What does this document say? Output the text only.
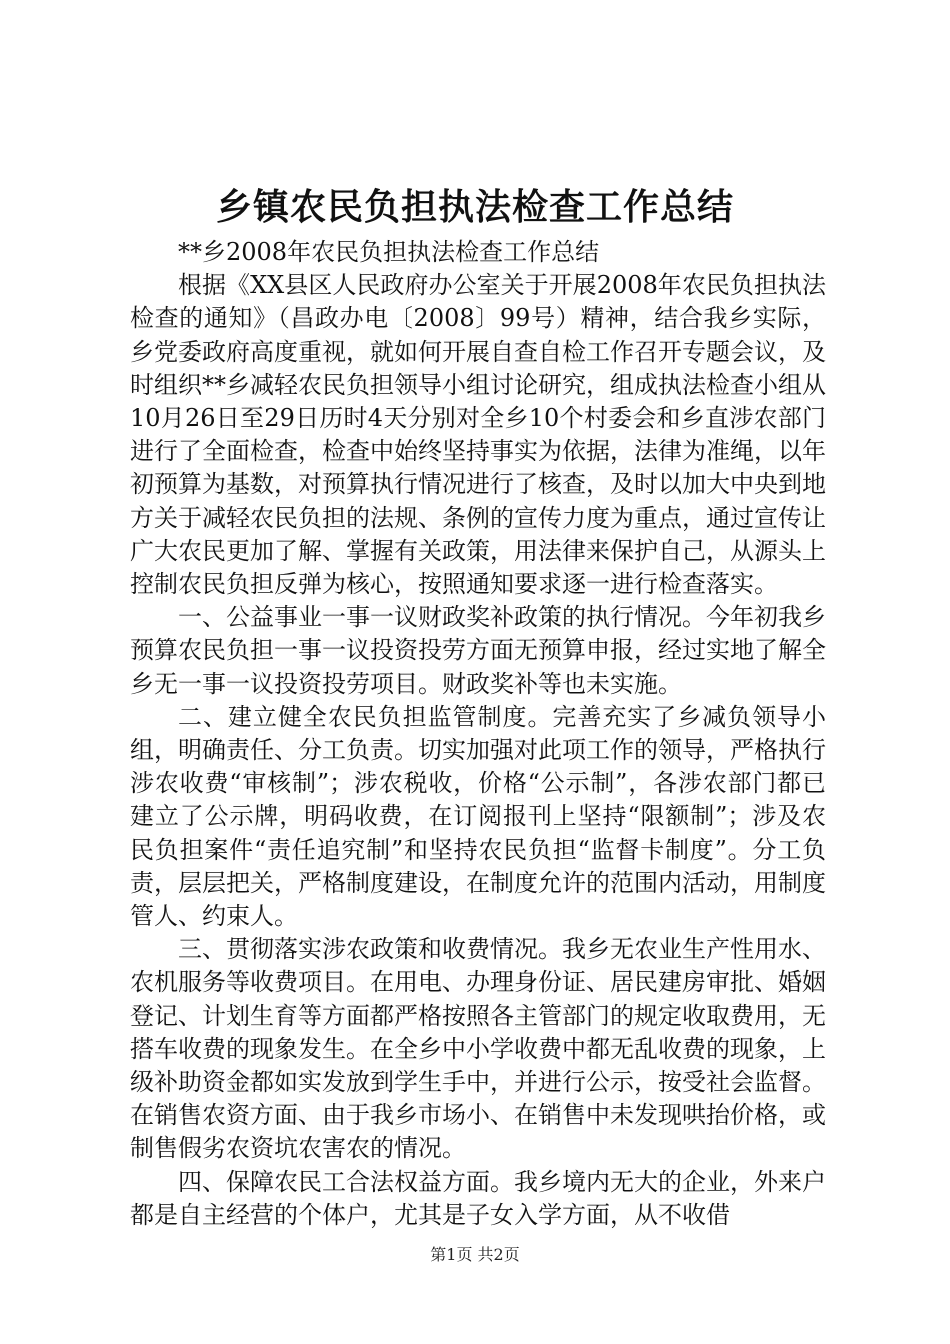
乡镇农民负担执法检查工作总结

**乡2008年农民负担执法检查工作总结

根据《XX县区人民政府办公室关于开展2008年农民负担执法检查的通知》（昌政办电〔2008〕99号）精神，结合我乡实际，乡党委政府高度重视，就如何开展自查自检工作召开专题会议，及时组织**乡减轻农民负担领导小组讨论研究，组成执法检查小组从10月26日至29日历时4天分别对全乡10个村委会和乡直涉农部门进行了全面检查，检查中始终坚持事实为依据，法律为准绳，以年初预算为基数，对预算执行情况进行了核查，及时以加大中央到地方关于减轻农民负担的法规、条例的宣传力度为重点，通过宣传让广大农民更加了解、掌握有关政策，用法律来保护自己，从源头上控制农民负担反弹为核心，按照通知要求逐一进行检查落实。

一、公益事业一事一议财政奖补政策的执行情况。今年初我乡预算农民负担一事一议投资投劳方面无预算申报，经过实地了解全乡无一事一议投资投劳项目。财政奖补等也未实施。

二、建立健全农民负担监管制度。完善充实了乡减负领导小组，明确责任、分工负责。切实加强对此项工作的领导，严格执行涉农收费“审核制”；涉农税收，价格“公示制”，各涉农部门都已建立了公示牌，明码收费，在订阅报刊上坚持“限额制”；涉及农民负担案件“责任追究制”和坚持农民负担“监督卡制度”。分工负责，层层把关，严格制度建设，在制度允许的范围内活动，用制度管人、约束人。

三、贯彻落实涉农政策和收费情况。我乡无农业生产性用水、农机服务等收费项目。在用电、办理身份证、居民建房审批、婚姻登记、计划生育等方面都严格按照各主管部门的规定收取费用，无搭车收费的现象发生。在全乡中小学收费中都无乱收费的现象，上级补助资金都如实发放到学生手中，并进行公示，按受社会监督。在销售农资方面、由于我乡市场小、在销售中未发现哄抬价格，或制售假劣农资坑农害农的情况。

四、保障农民工合法权益方面。我乡境内无大的企业，外来户都是自主经营的个体户，尤其是子女入学方面，从不收借

第1页 共2页
